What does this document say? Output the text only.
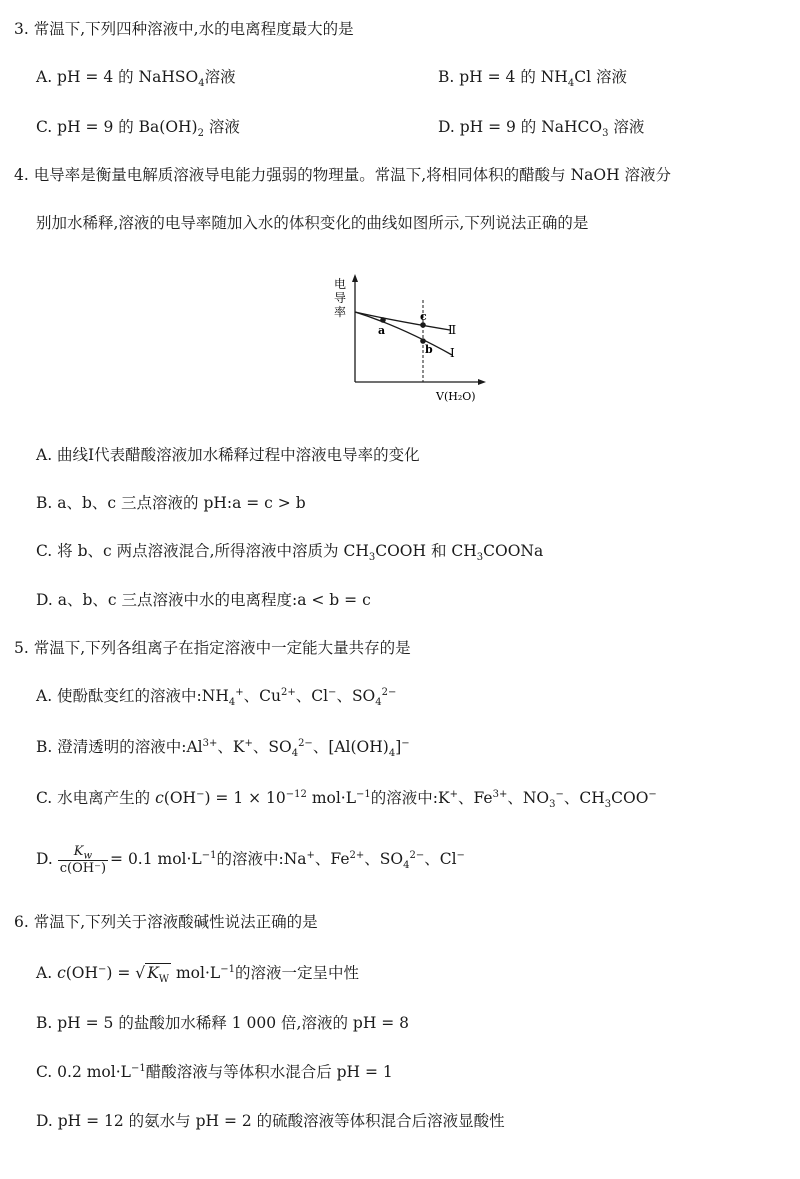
3. 常温下,下列四种溶液中,水的电离程度最大的是
A. pH = 4 的 NaHSO$_4$溶液	B. pH = 4 的 $NH_4Cl$ 溶液
C. pH = 9 的 $Ba(OH)_2$ 溶液	D. pH = 9 的 NaHCO$_3$ 溶液
4. 电导率是衡量电解质溶液导电能力强弱的物理量。常温下,将相同体积的醋酸与 NaOH 溶液分
别加水稀释,溶液的电导率随加入水的体积变化的曲线如图所示,下列说法正确的是
电
导
率
V(H₂O)
a
c
b
Ⅱ
Ⅰ
A. 曲线Ⅰ代表醋酸溶液加水稀释过程中溶液电导率的变化
B. a、b、c 三点溶液的 pH:a = c > b
C. 将 b、c 两点溶液混合,所得溶液中溶质为 $CH_3COOH$ 和 $CH_3COONa$
D. a、b、c 三点溶液中水的电离程度:a < b = c
5. 常温下,下列各组离子在指定溶液中一定能大量共存的是
A. 使酚酞变红的溶液中$:NH_4^+$、$Cu^{2+}$、Cl−、$SO_4^{2-}$
B. 澄清透明的溶液中$:Al^{3+}$、K+、$SO_4^{2-}$、$[Al(OH)_4]^-$
C. 水电离产生的 $c(OH^-) = 1 \times 10^{-12}$ $mol\cdot L^{-1}$的溶液中:K+、$Fe^{3+}$、$NO_3^-$、$CH_3COO^-$
D. $\frac{K_w}{c(OH^-)} = 0.1$ $mol\cdot L^{-1}$的溶液中:Na+、$Fe^{2+}$、$SO_4^{2-}$、Cl−
6. 常温下,下列关于溶液酸碱性说法正确的是
A. c(OH−) = √ $K_W$ $mol\cdot L^{-1}$的溶液一定呈中性
B. pH = 5 的盐酸加水稀释 1 000 倍,溶液的 pH = 8
C. 0.2 $mol\cdot L^{-1}$醋酸溶液与等体积水混合后 pH = 1
D. pH = 12 的氨水与 pH = 2 的硫酸溶液等体积混合后溶液显酸性
